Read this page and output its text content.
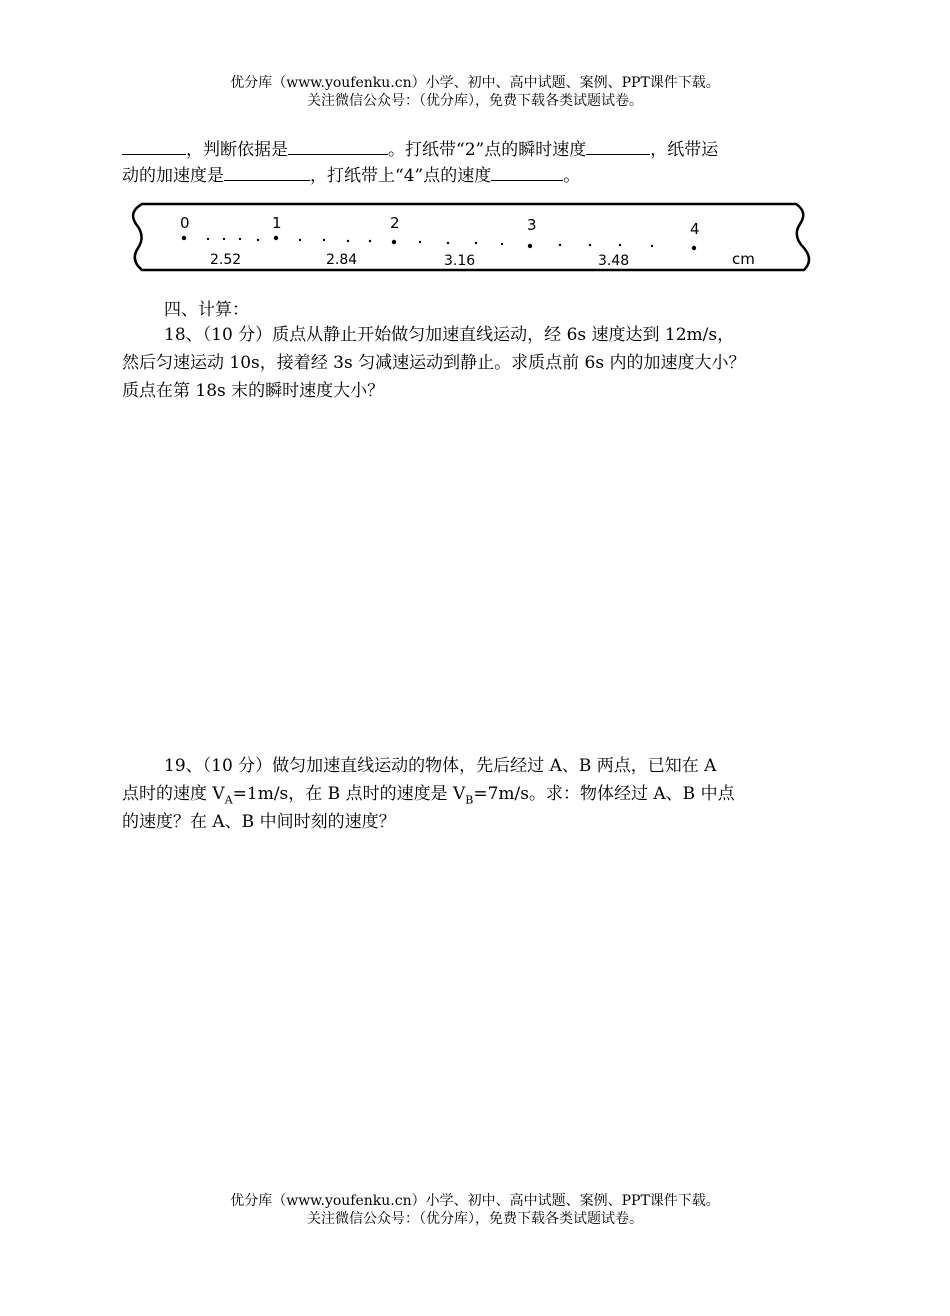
优分库（www.youfenku.cn）小学、初中、高中试题、案例、PPT课件下载。
关注微信公众号：（优分库），免费下载各类试题试卷。
，判断依据是	。打纸带“2”点的瞬时速度	，纸带运
动的加速度是	，打纸带上“4”点的速度	。
0	1	2	3	4
2.52	2.84	3.16	3.48	cm
四、计算：
18、（10 分）质点从静止开始做匀加速直线运动，经 6s 速度达到 12m/s，
然后匀速运动 10s，接着经 3s 匀减速运动到静止。求质点前 6s 内的加速度大小？
质点在第 18s 末的瞬时速度大小？
19、（10 分）做匀加速直线运动的物体，先后经过 A、B 两点，已知在 A
点时的速度 $V_A=1m/s$，在 B 点时的速度是 $V_B=7m/s$。求：物体经过 A、B 中点
的速度？在 A、B 中间时刻的速度？
优分库（www.youfenku.cn）小学、初中、高中试题、案例、PPT课件下载。
关注微信公众号：（优分库），免费下载各类试题试卷。
